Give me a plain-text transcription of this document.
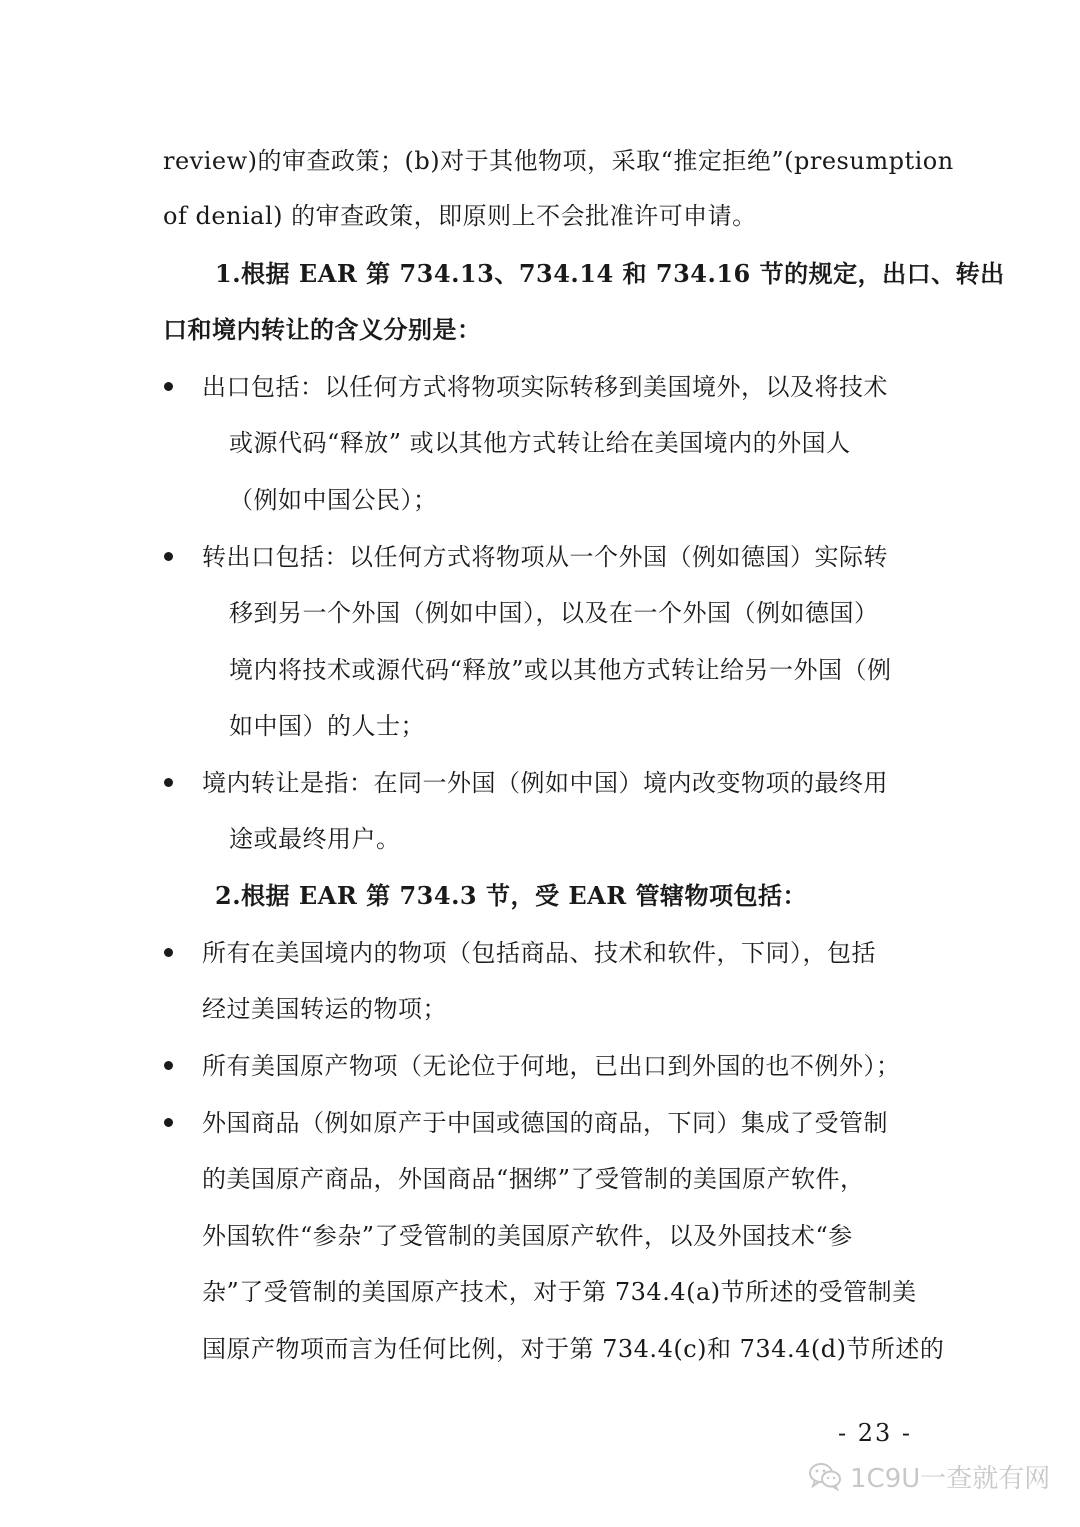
review)的审查政策；(b)对于其他物项，采取“推定拒绝”(presumption
of denial) 的审查政策，即原则上不会批准许可申请。
1.根据 EAR 第 734.13、734.14 和 734.16 节的规定，出口、转出
口和境内转让的含义分别是：
出口包括：以任何方式将物项实际转移到美国境外，以及将技术
或源代码“释放” 或以其他方式转让给在美国境内的外国人
（例如中国公民）；
转出口包括：以任何方式将物项从一个外国（例如德国）实际转
移到另一个外国（例如中国），以及在一个外国（例如德国）
境内将技术或源代码“释放”或以其他方式转让给另一外国（例
如中国）的人士；
境内转让是指：在同一外国（例如中国）境内改变物项的最终用
途或最终用户。
2.根据 EAR 第 734.3 节，受 EAR 管辖物项包括：
所有在美国境内的物项（包括商品、技术和软件，下同），包括
经过美国转运的物项；
所有美国原产物项（无论位于何地，已出口到外国的也不例外）；
外国商品（例如原产于中国或德国的商品，下同）集成了受管制
的美国原产商品，外国商品“捆绑”了受管制的美国原产软件，
外国软件“参杂”了受管制的美国原产软件，以及外国技术“参
杂”了受管制的美国原产技术，对于第 734.4(a)节所述的受管制美
国原产物项而言为任何比例，对于第 734.4(c)和 734.4(d)节所述的
- 23 -
1C9U一查就有网
